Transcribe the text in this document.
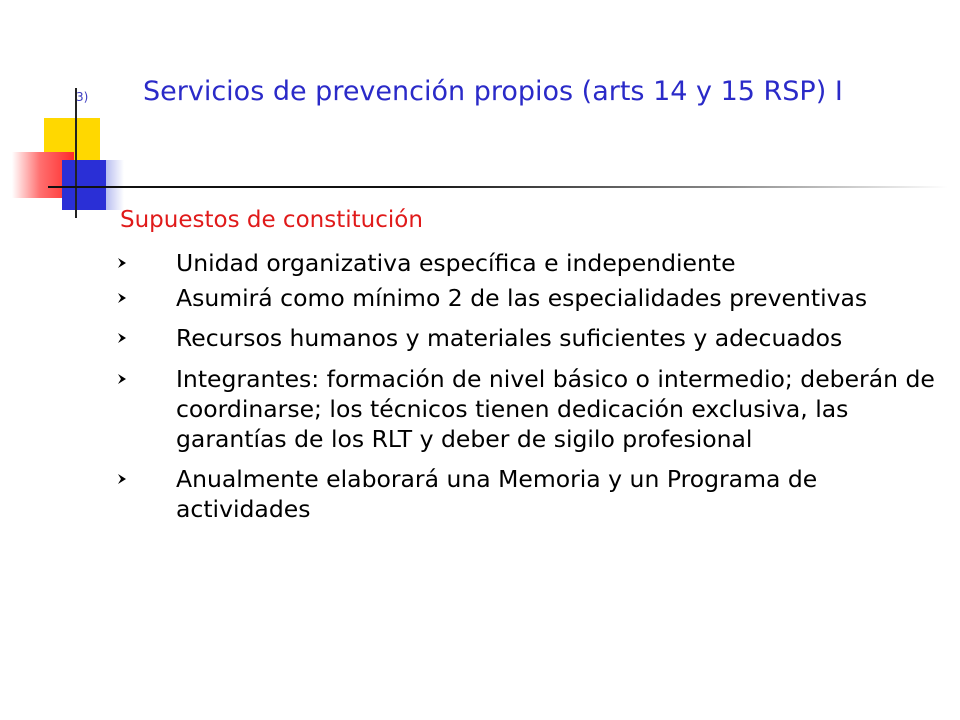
3) Servicios de prevención propios (arts 14 y 15 RSP) I
Supuestos de constitución
Unidad organizativa específica e independiente
Asumirá como mínimo 2 de las especialidades preventivas
Recursos humanos y materiales suficientes y adecuados
Integrantes: formación de nivel básico o intermedio; deberán de coordinarse; los técnicos tienen dedicación exclusiva, las garantías de los RLT y deber de sigilo profesional
Anualmente elaborará una Memoria y un Programa de actividades
